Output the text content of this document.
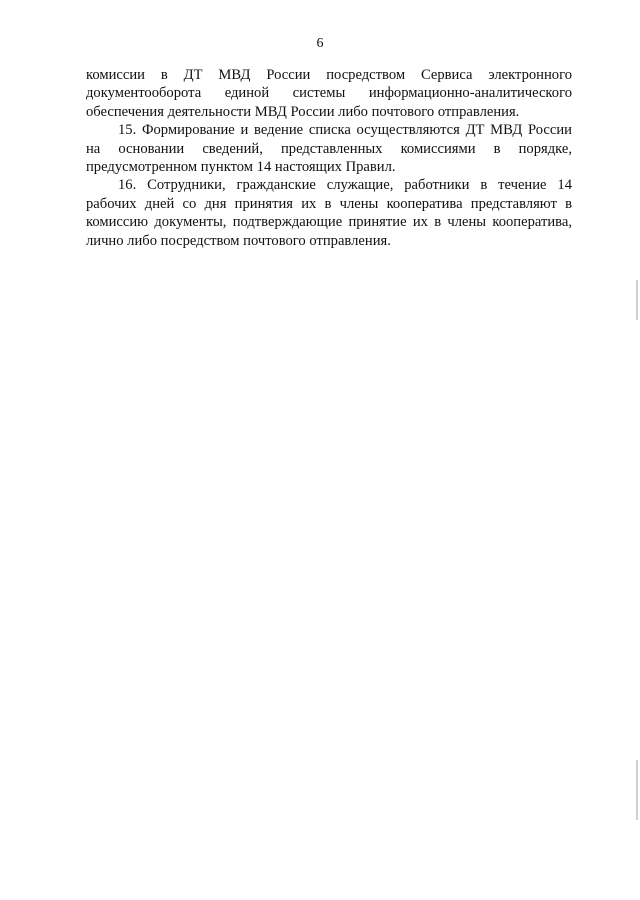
6

комиссии в ДТ МВД России посредством Сервиса электронного документооборота единой системы информационно-аналитического обеспечения деятельности МВД России либо почтового отправления.

15. Формирование и ведение списка осуществляются ДТ МВД России на основании сведений, представленных комиссиями в порядке, предусмотренном пунктом 14 настоящих Правил.

16. Сотрудники, гражданские служащие, работники в течение 14 рабочих дней со дня принятия их в члены кооператива представляют в комиссию документы, подтверждающие принятие их в члены кооператива, лично либо посредством почтового отправления.
